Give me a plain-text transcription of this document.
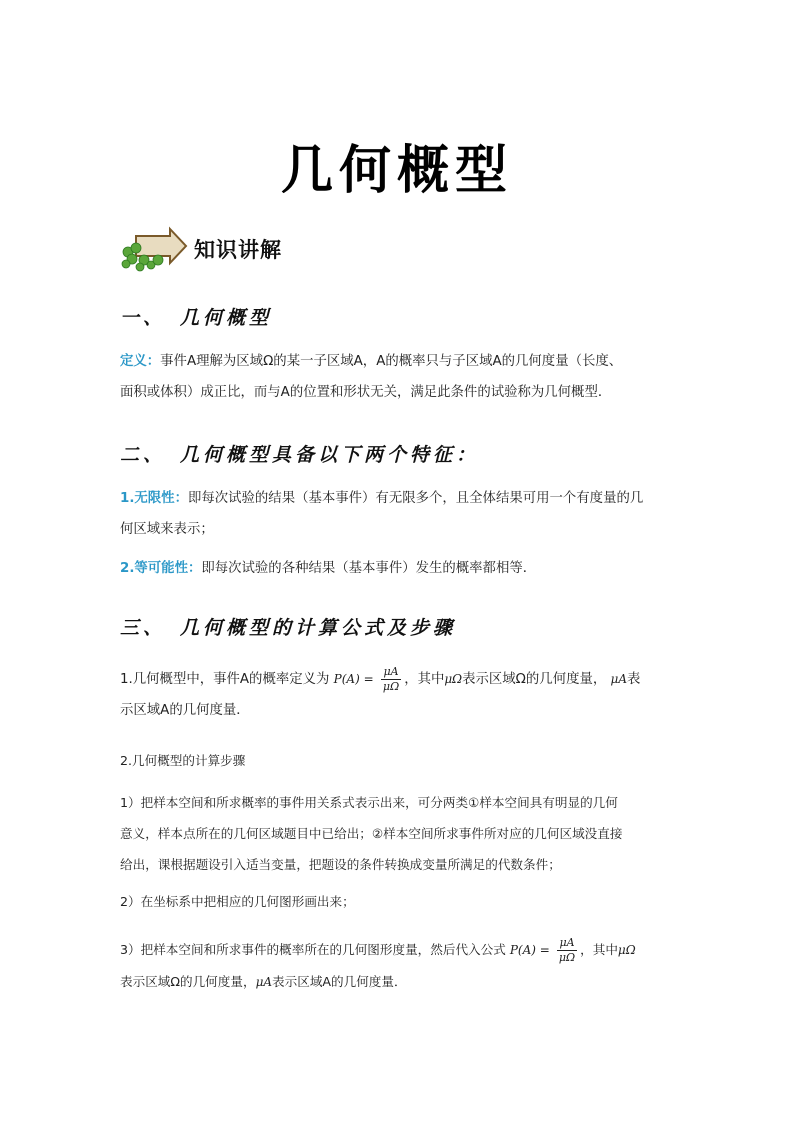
几何概型
知识讲解
一、 几何概型
定义：事件A理解为区域Ω的某一子区域A，A的概率只与子区域A的几何度量（长度、
面积或体积）成正比，而与A的位置和形状无关，满足此条件的试验称为几何概型．
二、 几何概型具备以下两个特征：
1.无限性：即每次试验的结果（基本事件）有无限多个，且全体结果可用一个有度量的几
何区域来表示；
2.等可能性：即每次试验的各种结果（基本事件）发生的概率都相等．
三、 几何概型的计算公式及步骤
1.几何概型中，事件A的概率定义为 $P(A) = \frac{\mu A}{\mu\Omega}$ ，其中μΩ表示区域Ω的几何度量， μA表
示区域A的几何度量．
2.几何概型的计算步骤
1）把样本空间和所求概率的事件用关系式表示出来，可分两类①样本空间具有明显的几何
意义，样本点所在的几何区域题目中已给出；②样本空间所求事件所对应的几何区域没直接
给出，课根据题设引入适当变量，把题设的条件转换成变量所满足的代数条件；
2）在坐标系中把相应的几何图形画出来；
3）把样本空间和所求事件的概率所在的几何图形度量，然后代入公式 $P(A) = \frac{\mu A}{\mu\Omega}$ ，其中μΩ
表示区域Ω的几何度量，μA表示区域A的几何度量．
